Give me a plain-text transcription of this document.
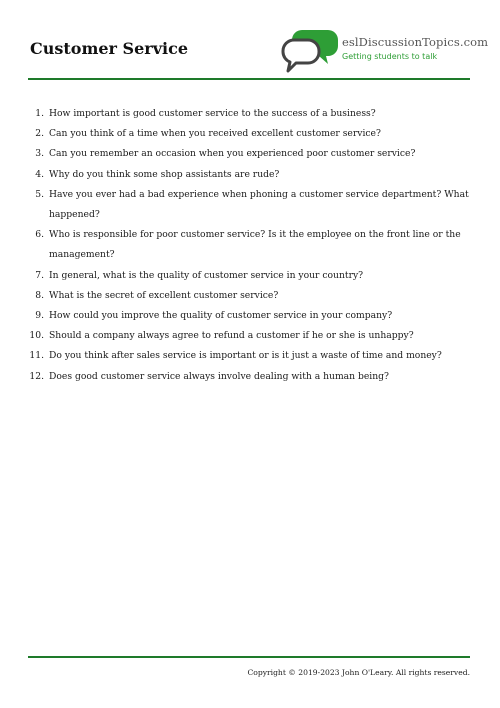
Customer Service	eslDiscussionTopics.com
Getting students to talk
1. How important is good customer service to the success of a business?
2. Can you think of a time when you received excellent customer service?
3. Can you remember an occasion when you experienced poor customer service?
4. Why do you think some shop assistants are rude?
5. Have you ever had a bad experience when phoning a customer service department? What happened?
6. Who is responsible for poor customer service? Is it the employee on the front line or the management?
7. In general, what is the quality of customer service in your country?
8. What is the secret of excellent customer service?
9. How could you improve the quality of customer service in your company?
10. Should a company always agree to refund a customer if he or she is unhappy?
11. Do you think after sales service is important or is it just a waste of time and money?
12. Does good customer service always involve dealing with a human being?
Copyright © 2019-2023 John O'Leary. All rights reserved.
